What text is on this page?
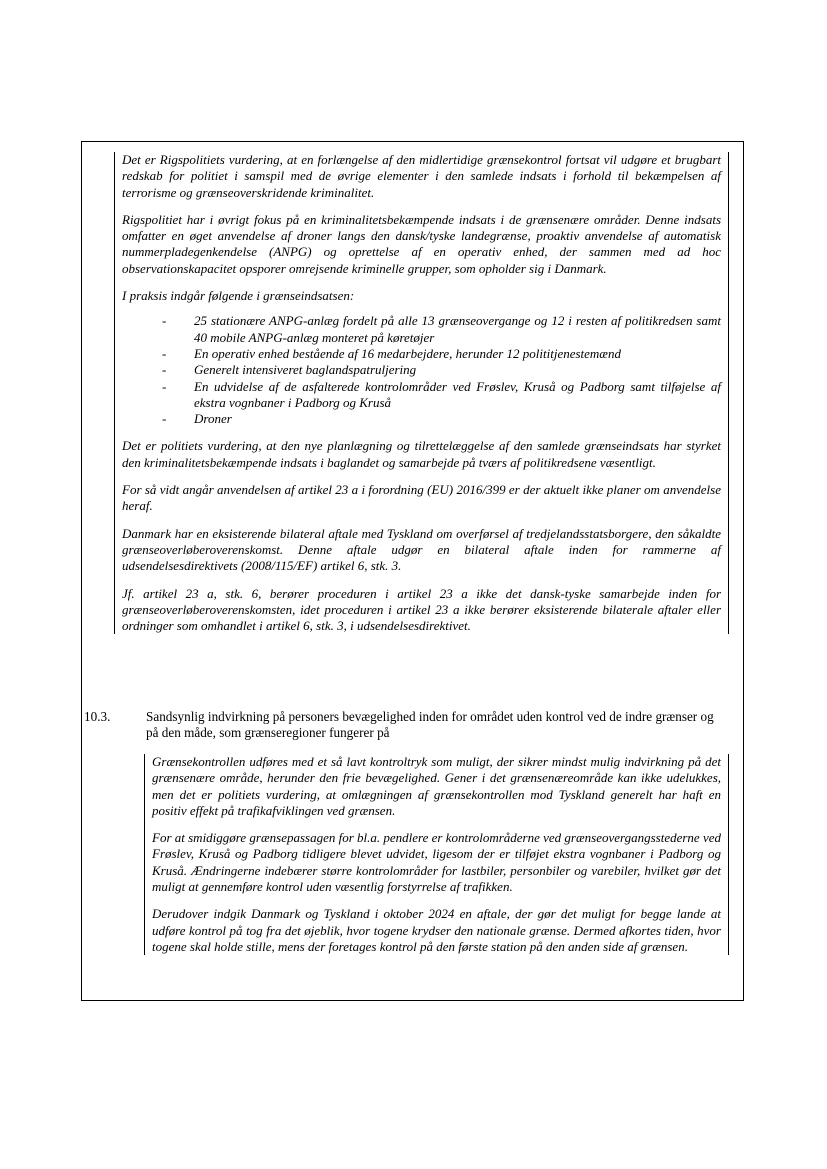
Det er Rigspolitiets vurdering, at en forlængelse af den midlertidige grænsekontrol fortsat vil udgøre et brugbart redskab for politiet i samspil med de øvrige elementer i den samlede indsats i forhold til bekæmpelsen af terrorisme og grænseoverskridende kriminalitet.

Rigspolitiet har i øvrigt fokus på en kriminalitetsbekæmpende indsats i de grænsenære områder. Denne indsats omfatter en øget anvendelse af droner langs den dansk/tyske landegrænse, proaktiv anvendelse af automatisk nummerpladegenkendelse (ANPG) og oprettelse af en operativ enhed, der sammen med ad hoc observationskapacitet opsporer omrejsende kriminelle grupper, som opholder sig i Danmark.

I praksis indgår følgende i grænseindsatsen:

- 25 stationære ANPG-anlæg fordelt på alle 13 grænseovergange og 12 i resten af politikredsen samt 40 mobile ANPG-anlæg monteret på køretøjer
- En operativ enhed bestående af 16 medarbejdere, herunder 12 polititjenestemænd
- Generelt intensiveret baglandspatruljering
- En udvidelse af de asfalterede kontrolområder ved Frøslev, Kruså og Padborg samt tilføjelse af ekstra vognbaner i Padborg og Kruså
- Droner

Det er politiets vurdering, at den nye planlægning og tilrettelæggelse af den samlede grænseindsats har styrket den kriminalitetsbekæmpende indsats i baglandet og samarbejde på tværs af politikredsene væsentligt.

For så vidt angår anvendelsen af artikel 23 a i forordning (EU) 2016/399 er der aktuelt ikke planer om anvendelse heraf.

Danmark har en eksisterende bilateral aftale med Tyskland om overførsel af tredjelandsstatsborgere, den såkaldte grænseoverløberoverenskomst. Denne aftale udgør en bilateral aftale inden for rammerne af udsendelsesdirektivets (2008/115/EF) artikel 6, stk. 3.

Jf. artikel 23 a, stk. 6, berører proceduren i artikel 23 a ikke det dansk-tyske samarbejde inden for grænseoverløberoverenskomsten, idet proceduren i artikel 23 a ikke berører eksisterende bilaterale aftaler eller ordninger som omhandlet i artikel 6, stk. 3, i udsendelsesdirektivet.

10.3.	Sandsynlig indvirkning på personers bevægelighed inden for området uden kontrol ved de indre grænser og på den måde, som grænseregioner fungerer på

Grænsekontrollen udføres med et så lavt kontroltryk som muligt, der sikrer mindst mulig indvirkning på det grænsenære område, herunder den frie bevægelighed. Gener i det grænsenæreområde kan ikke udelukkes, men det er politiets vurdering, at omlægningen af grænsekontrollen mod Tyskland generelt har haft en positiv effekt på trafikafviklingen ved grænsen.

For at smidiggøre grænsepassagen for bl.a. pendlere er kontrolområderne ved grænseovergangsstederne ved Frøslev, Kruså og Padborg tidligere blevet udvidet, ligesom der er tilføjet ekstra vognbaner i Padborg og Kruså. Ændringerne indebærer større kontrolområder for lastbiler, personbiler og varebiler, hvilket gør det muligt at gennemføre kontrol uden væsentlig forstyrrelse af trafikken.

Derudover indgik Danmark og Tyskland i oktober 2024 en aftale, der gør det muligt for begge lande at udføre kontrol på tog fra det øjeblik, hvor togene krydser den nationale grænse. Dermed afkortes tiden, hvor togene skal holde stille, mens der foretages kontrol på den første station på den anden side af grænsen.
